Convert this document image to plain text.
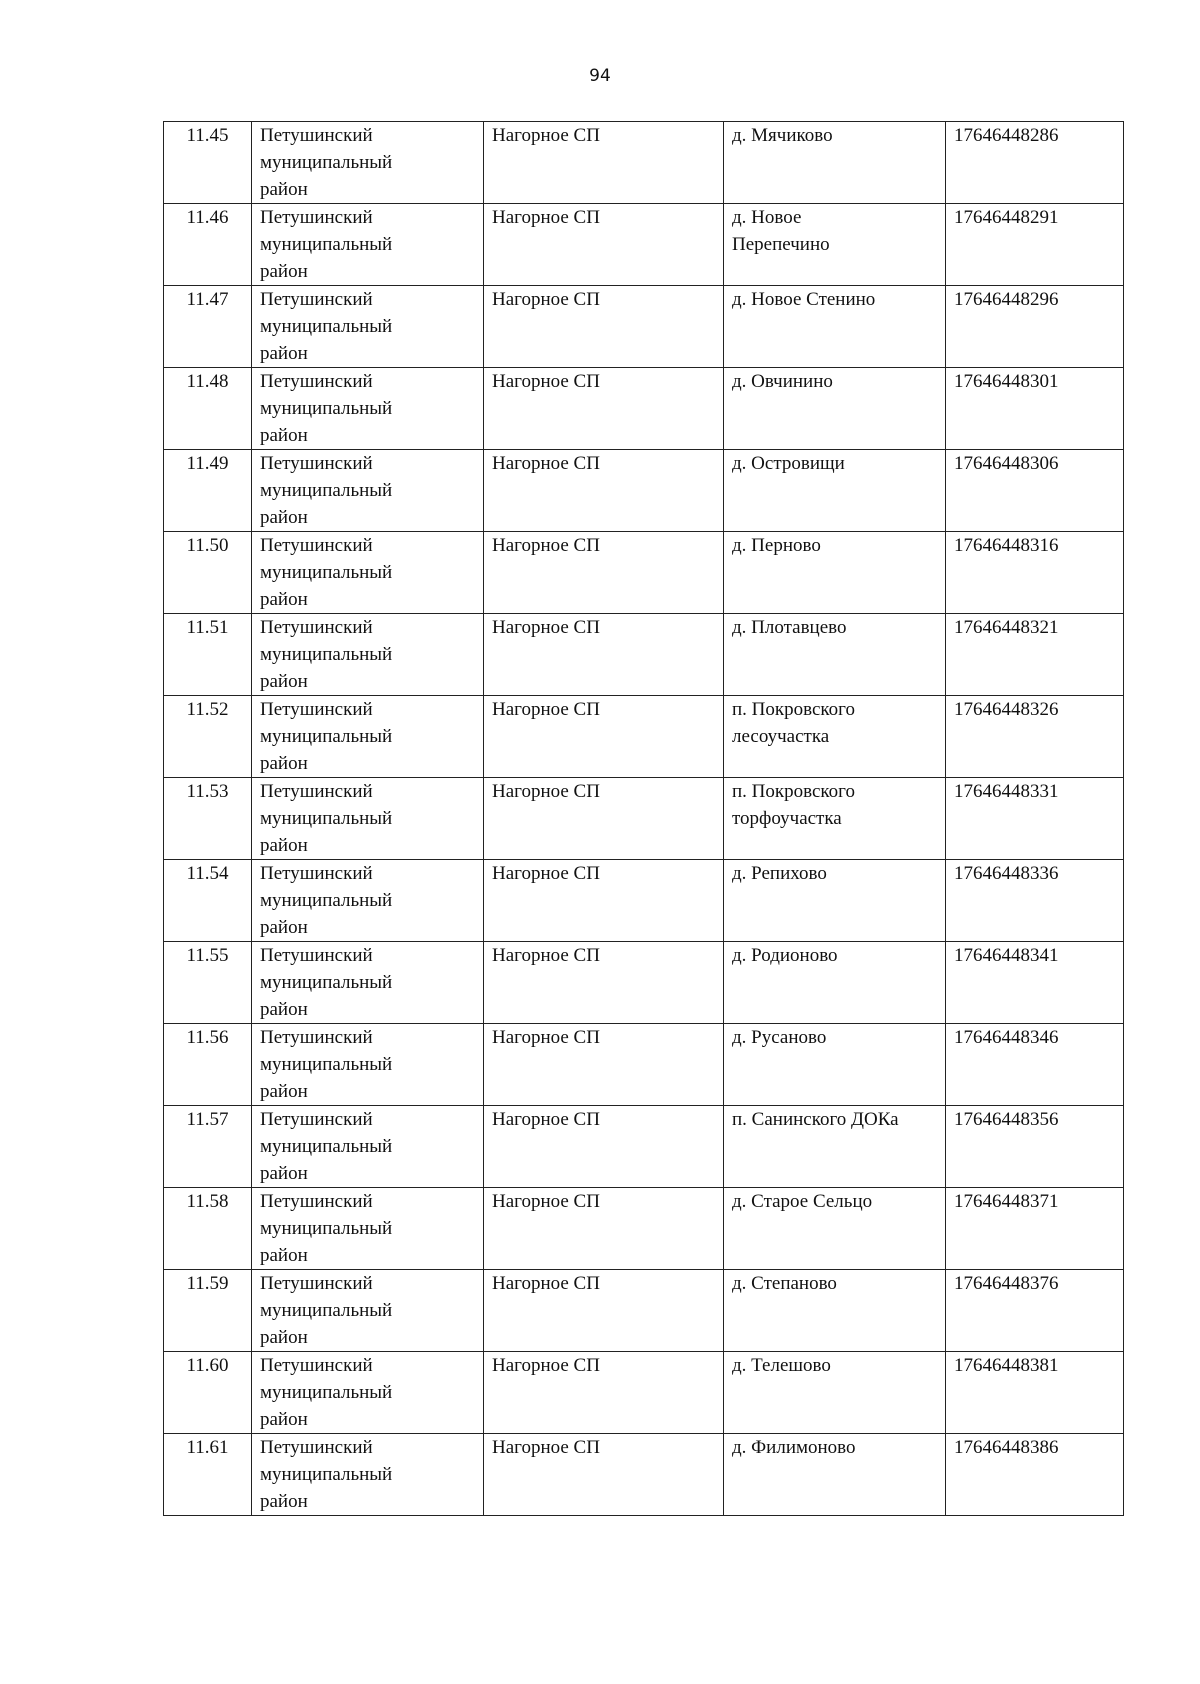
94
11.45	Петушинский
муниципальный
район	Нагорное СП	д. Мячиково	17646448286
11.46	Петушинский
муниципальный
район	Нагорное СП	д. Новое
Перепечино	17646448291
11.47	Петушинский
муниципальный
район	Нагорное СП	д. Новое Стенино	17646448296
11.48	Петушинский
муниципальный
район	Нагорное СП	д. Овчинино	17646448301
11.49	Петушинский
муниципальный
район	Нагорное СП	д. Островищи	17646448306
11.50	Петушинский
муниципальный
район	Нагорное СП	д. Перново	17646448316
11.51	Петушинский
муниципальный
район	Нагорное СП	д. Плотавцево	17646448321
11.52	Петушинский
муниципальный
район	Нагорное СП	п. Покровского
лесоучастка	17646448326
11.53	Петушинский
муниципальный
район	Нагорное СП	п. Покровского
торфоучастка	17646448331
11.54	Петушинский
муниципальный
район	Нагорное СП	д. Репихово	17646448336
11.55	Петушинский
муниципальный
район	Нагорное СП	д. Родионово	17646448341
11.56	Петушинский
муниципальный
район	Нагорное СП	д. Русаново	17646448346
11.57	Петушинский
муниципальный
район	Нагорное СП	п. Санинского ДОКа	17646448356
11.58	Петушинский
муниципальный
район	Нагорное СП	д. Старое Сельцо	17646448371
11.59	Петушинский
муниципальный
район	Нагорное СП	д. Степаново	17646448376
11.60	Петушинский
муниципальный
район	Нагорное СП	д. Телешово	17646448381
11.61	Петушинский
муниципальный
район	Нагорное СП	д. Филимоново	17646448386
